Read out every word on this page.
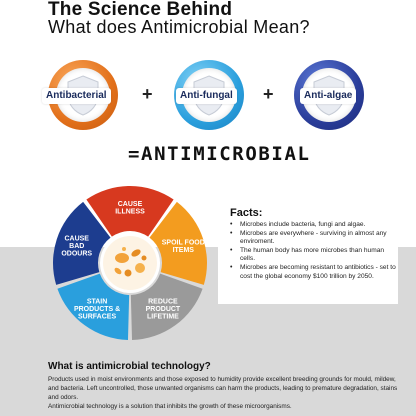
The Science Behind
What does Antimicrobial Mean?
Antibacterial +	Anti-fungal +	Anti-algae
=ANTIMICROBIAL
CAUSE ILLNESS
SPOIL FOOD ITEMS
REDUCE PRODUCT LIFETIME
STAIN PRODUCTS & SURFACES
CAUSE BAD ODOURS
Facts:
• Microbes include bacteria, fungi and algae.
• Microbes are everywhere - surviving in almost any enviroment.
• The human body has more microbes than human cells.
• Microbes are becoming resistant to antibiotics - set to cost the global economy $100 trillion by 2050.
What is antimicrobial technology?
Products used in moist environments and those exposed to humidity provide excellent breeding grounds for mould, mildew, and bacteria. Left uncontrolled, those unwanted organisms can harm the products, leading to premature degradation, stains and odors.
Antimicrobial technology is a solution that inhibits the growth of these microorganisms.
